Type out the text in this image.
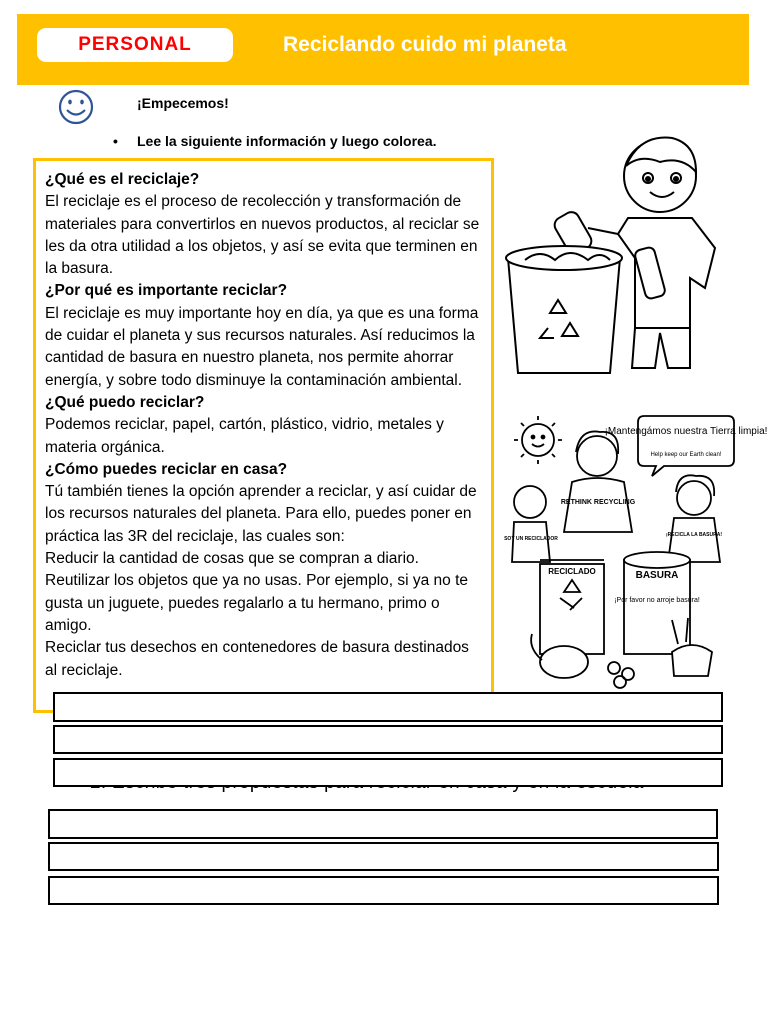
PERSONAL	Reciclando cuido mi planeta
¡Empecemos!
• Lee la siguiente información y luego colorea.

¿Qué es el reciclaje?

El reciclaje es el proceso de recolección y transformación de materiales para convertirlos en nuevos productos, al reciclar se les da otra utilidad a los objetos, y así se evita que terminen en la basura.

¿Por qué es importante reciclar?

El reciclaje es muy importante hoy en día, ya que es una forma de cuidar el planeta y sus recursos naturales. Así reducimos la cantidad de basura en nuestro planeta, nos permite ahorrar energía, y sobre todo disminuye la contaminación ambiental.

¿Qué puedo reciclar?

Podemos reciclar, papel, cartón, plástico, vidrio, metales y materia orgánica.

¿Cómo puedes reciclar en casa?

Tú también tienes la opción aprender a reciclar, y así cuidar de los recursos naturales del planeta. Para ello, puedes poner en práctica las 3R del reciclaje, las cuales son:

Reducir la cantidad de cosas que se compran a diario.

Reutilizar los objetos que ya no usas. Por ejemplo, si ya no te gusta un juguete, puedes regalarlo a tu hermano, primo o amigo.

Reciclar tus desechos en contenedores de basura destinados al reciclaje.

¡Mantengámos nuestra Tierra limpia!
Help keep our Earth clean!
RETHINK RECYCLING
RECICLADO	BASURA
¡Por favor no arroje basura!
SOY UN RECICLADOR
¡RECICLA LA BASURA!
